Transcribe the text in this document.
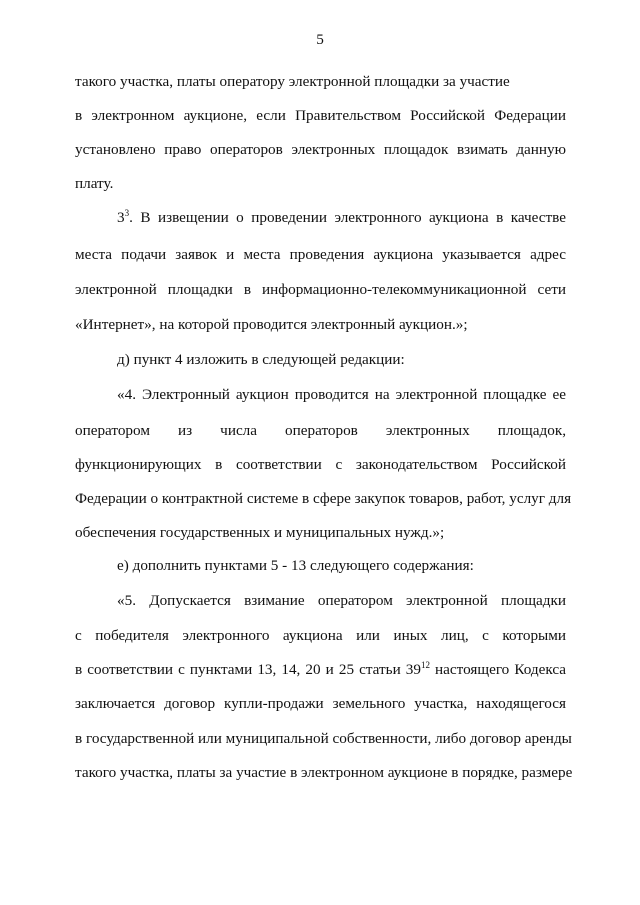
5
такого участка, платы оператору электронной площадки за участие
в электронном аукционе, если Правительством Российской Федерации
установлено право операторов электронных площадок взимать данную
плату.
$3^3$. В извещении о проведении электронного аукциона в качестве
места подачи заявок и места проведения аукциона указывается адрес
электронной площадки в информационно-телекоммуникационной сети
«Интернет», на которой проводится электронный аукцион.»;
д) пункт 4 изложить в следующей редакции:
«4. Электронный аукцион проводится на электронной площадке ее
оператором из числа операторов электронных площадок,
функционирующих в соответствии с законодательством Российской
Федерации о контрактной системе в сфере закупок товаров, работ, услуг для
обеспечения государственных и муниципальных нужд.»;
е) дополнить пунктами 5 - 13 следующего содержания:
«5. Допускается взимание оператором электронной площадки
с победителя электронного аукциона или иных лиц, с которыми
в соответствии с пунктами 13, 14, 20 и 25 статьи $39^{12}$ настоящего Кодекса
заключается договор купли-продажи земельного участка, находящегося
в государственной или муниципальной собственности, либо договор аренды
такого участка, платы за участие в электронном аукционе в порядке, размере
